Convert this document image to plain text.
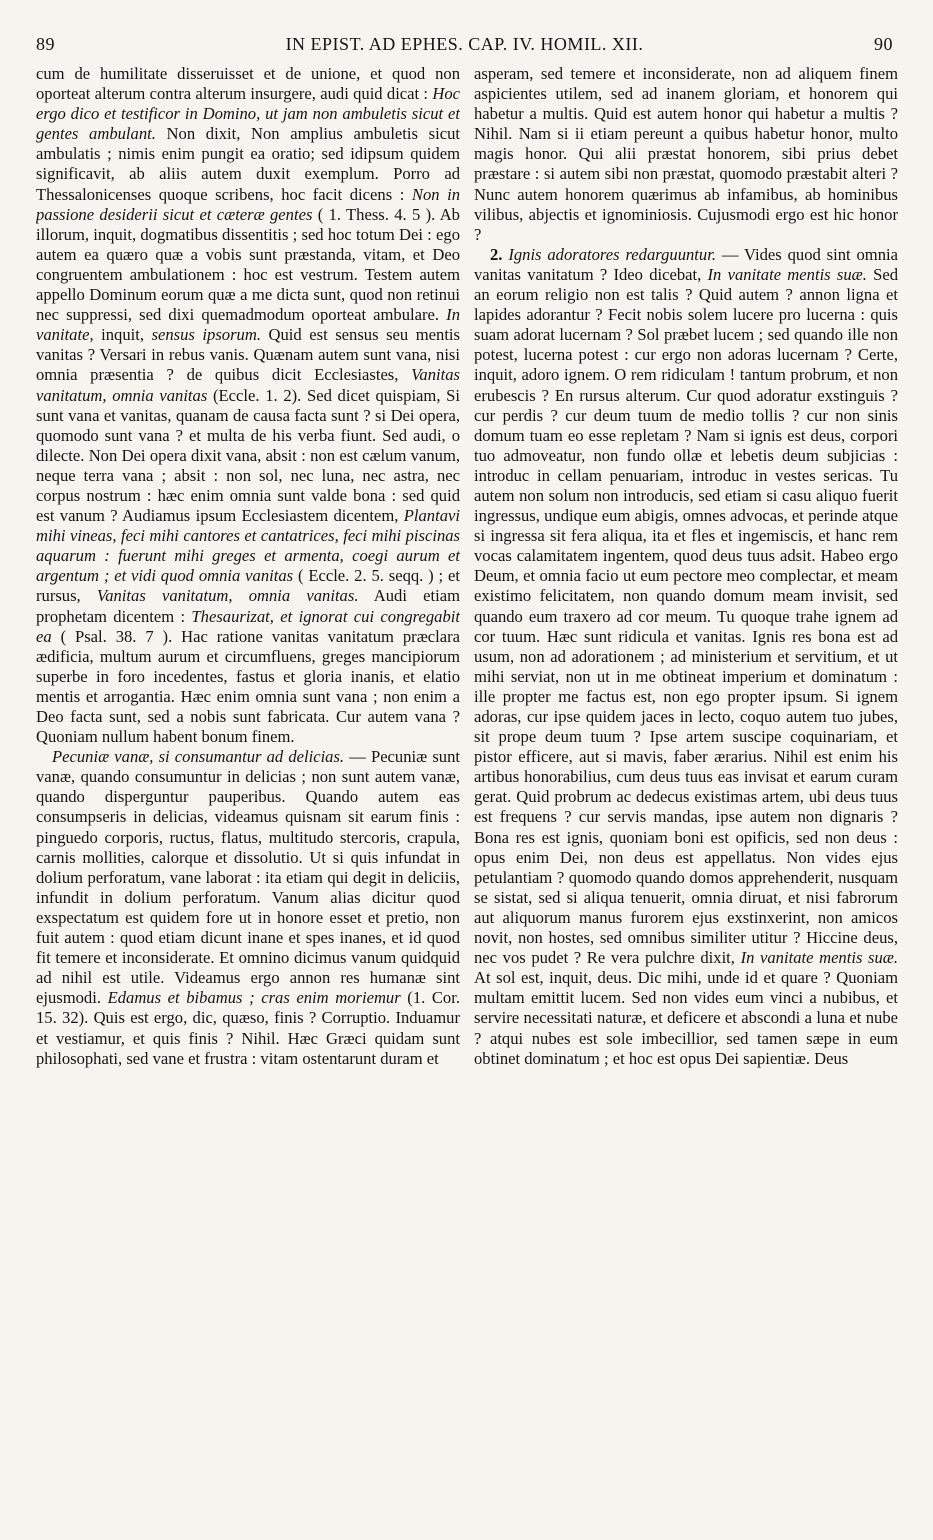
89	IN EPIST. AD EPHES. CAP. IV. HOMIL. XII.	90

cum de humilitate disseruisset et de unione, et quod non oporteat alterum contra alterum insurgere, audi quid dicat : Hoc ergo dico et testificor in Domino, ut jam non ambuletis sicut et gentes ambulant. Non dixit, Non amplius ambuletis sicut ambulatis ; nimis enim pungit ea oratio; sed idipsum quidem significavit, ab aliis autem duxit exemplum. Porro ad Thessalonicenses quoque scribens, hoc facit dicens : Non in passione desiderii sicut et cæteræ gentes ( 1. Thess. 4. 5 ). Ab illorum, inquit, dogmatibus dissentitis ; sed hoc totum Dei : ego autem ea quæro quæ a vobis sunt præstanda, vitam, et Deo congruentem ambulationem : hoc est vestrum. Testem autem appello Dominum eorum quæ a me dicta sunt, quod non retinui nec suppressi, sed dixi quemadmodum oporteat ambulare. In vanitate, inquit, sensus ipsorum. Quid est sensus seu mentis vanitas ? Versari in rebus vanis. Quænam autem sunt vana, nisi omnia præsentia ? de quibus dicit Ecclesiastes, Vanitas vanitatum, omnia vanitas (Eccle. 1. 2). Sed dicet quispiam, Si sunt vana et vanitas, quanam de causa facta sunt ? si Dei opera, quomodo sunt vana ? et multa de his verba fiunt. Sed audi, o dilecte. Non Dei opera dixit vana, absit : non est cælum vanum, neque terra vana ; absit : non sol, nec luna, nec astra, nec corpus nostrum : hæc enim omnia sunt valde bona : sed quid est vanum ? Audiamus ipsum Ecclesiastem dicentem, Plantavi mihi vineas, feci mihi cantores et cantatrices, feci mihi piscinas aquarum : fuerunt mihi greges et armenta, coegi aurum et argentum ; et vidi quod omnia vanitas ( Eccle. 2. 5. seqq. ) ; et rursus, Vanitas vanitatum, omnia vanitas. Audi etiam prophetam dicentem : Thesaurizat, et ignorat cui congregabit ea ( Psal. 38. 7 ). Hac ratione vanitas vanitatum præclara ædificia, multum aurum et circumfluens, greges mancipiorum superbe in foro incedentes, fastus et gloria inanis, et elatio mentis et arrogantia. Hæc enim omnia sunt vana ; non enim a Deo facta sunt, sed a nobis sunt fabricata. Cur autem vana ? Quoniam nullum habent bonum finem.

Pecuniæ vanæ, si consumantur ad delicias. — Pecuniæ sunt vanæ, quando consumuntur in delicias ; non sunt autem vanæ, quando disperguntur pauperibus. Quando autem eas consumpseris in delicias, videamus quisnam sit earum finis : pinguedo corporis, ructus, flatus, multitudo stercoris, crapula, carnis mollities, calorque et dissolutio. Ut si quis infundat in dolium perforatum, vane laborat : ita etiam qui degit in deliciis, infundit in dolium perforatum. Vanum alias dicitur quod exspectatum est quidem fore ut in honore esset et pretio, non fuit autem : quod etiam dicunt inane et spes inanes, et id quod fit temere et inconsiderate. Et omnino dicimus vanum quidquid ad nihil est utile. Videamus ergo annon res humanæ sint ejusmodi. Edamus et bibamus ; cras enim moriemur (1. Cor. 15. 32). Quis est ergo, dic, quæso, finis ? Corruptio. Induamur et vestiamur, et quis finis ? Nihil. Hæc Græci quidam sunt philosophati, sed vane et frustra : vitam ostentarunt duram et

asperam, sed temere et inconsiderate, non ad aliquem finem aspicientes utilem, sed ad inanem gloriam, et honorem qui habetur a multis. Quid est autem honor qui habetur a multis ? Nihil. Nam si ii etiam pereunt a quibus habetur honor, multo magis honor. Qui alii præstat honorem, sibi prius debet præstare : si autem sibi non præstat, quomodo præstabit alteri ? Nunc autem honorem quærimus ab infamibus, ab hominibus vilibus, abjectis et ignominiosis. Cujusmodi ergo est hic honor ?

2. Ignis adoratores redarguuntur. — Vides quod sint omnia vanitas vanitatum ? Ideo dicebat, In vanitate mentis suæ. Sed an eorum religio non est talis ? Quid autem ? annon ligna et lapides adorantur ? Fecit nobis solem lucere pro lucerna : quis suam adorat lucernam ? Sol præbet lucem ; sed quando ille non potest, lucerna potest : cur ergo non adoras lucernam ? Certe, inquit, adoro ignem. O rem ridiculam ! tantum probrum, et non erubescis ? En rursus alterum. Cur quod adoratur exstinguis ? cur perdis ? cur deum tuum de medio tollis ? cur non sinis domum tuam eo esse repletam ? Nam si ignis est deus, corpori tuo admoveatur, non fundo ollæ et lebetis deum subjicias : introduc in cellam penuariam, introduc in vestes sericas. Tu autem non solum non introducis, sed etiam si casu aliquo fuerit ingressus, undique eum abigis, omnes advocas, et perinde atque si ingressa sit fera aliqua, ita et fles et ingemiscis, et hanc rem vocas calamitatem ingentem, quod deus tuus adsit. Habeo ergo Deum, et omnia facio ut eum pectore meo complectar, et meam existimo felicitatem, non quando domum meam invisit, sed quando eum traxero ad cor meum. Tu quoque trahe ignem ad cor tuum. Hæc sunt ridicula et vanitas. Ignis res bona est ad usum, non ad adorationem ; ad ministerium et servitium, et ut mihi serviat, non ut in me obtineat imperium et dominatum : ille propter me factus est, non ego propter ipsum. Si ignem adoras, cur ipse quidem jaces in lecto, coquo autem tuo jubes, sit prope deum tuum ? Ipse artem suscipe coquinariam, et pistor efficere, aut si mavis, faber ærarius. Nihil est enim his artibus honorabilius, cum deus tuus eas invisat et earum curam gerat. Quid probrum ac dedecus existimas artem, ubi deus tuus est frequens ? cur servis mandas, ipse autem non dignaris ? Bona res est ignis, quoniam boni est opificis, sed non deus : opus enim Dei, non deus est appellatus. Non vides ejus petulantiam ? quomodo quando domos apprehenderit, nusquam se sistat, sed si aliqua tenuerit, omnia diruat, et nisi fabrorum aut aliquorum manus furorem ejus exstinxerint, non amicos novit, non hostes, sed omnibus similiter utitur ? Hiccine deus, nec vos pudet ? Re vera pulchre dixit, In vanitate mentis suæ. At sol est, inquit, deus. Dic mihi, unde id et quare ? Quoniam multam emittit lucem. Sed non vides eum vinci a nubibus, et servire necessitati naturæ, et deficere et abscondi a luna et nube ? atqui nubes est sole imbecillior, sed tamen sæpe in eum obtinet dominatum ; et hoc est opus Dei sapientiæ. Deus
